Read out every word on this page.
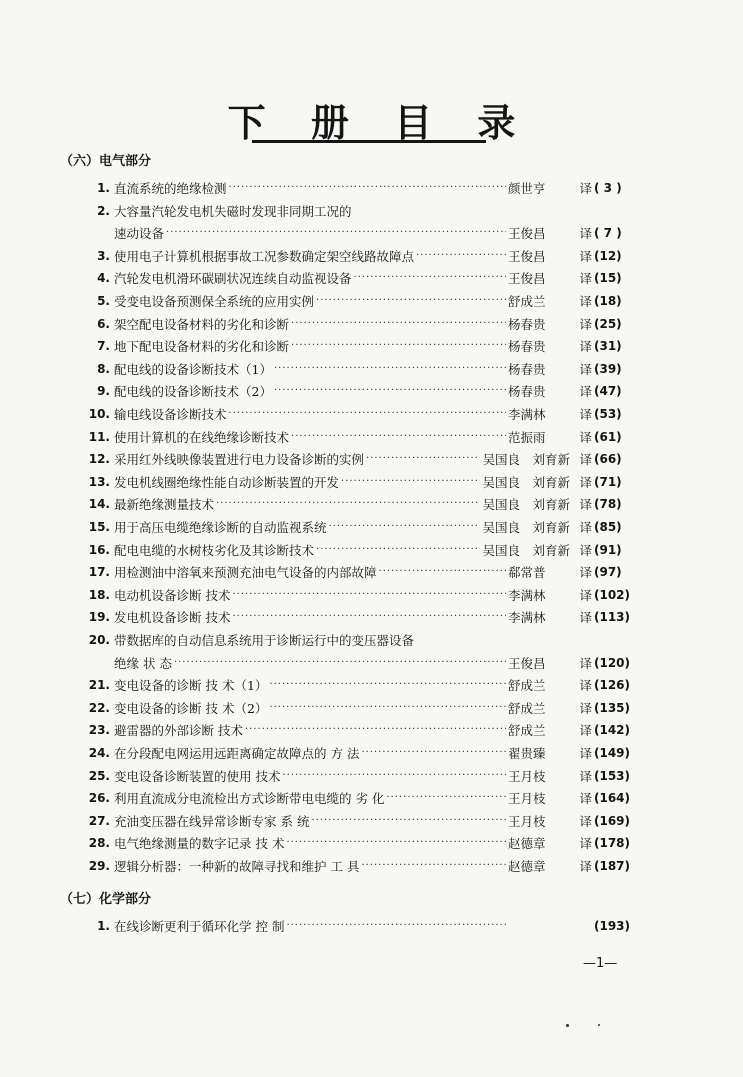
下 册 目 录
（六）电气部分
1. 直流系统的绝缘检测 ·····	颜世亨	译 ( 3 )
2. 大容量汽轮发电机失磁时发现非同期工况的
速动设备 ·····	王俊昌	译 ( 7 )
3. 使用电子计算机根据事故工况参数确定架空线路故障点 ·····	王俊昌	译 (12)
4. 汽轮发电机滑环碳刷状况连续自动监视设备 ·····	王俊昌	译 (15)
5. 受变电设备预测保全系统的应用实例 ·····	舒成兰	译 (18)
6. 架空配电设备材料的劣化和诊断 ·····	杨春贵	译 (25)
7. 地下配电设备材料的劣化和诊断 ·····	杨春贵	译 (31)
8. 配电线的设备诊断技术（1） ·····	杨春贵	译 (39)
9. 配电线的设备诊断技术（2） ·····	杨春贵	译 (47)
10. 输电线设备诊断技术 ·····	李满林	译 (53)
11. 使用计算机的在线绝缘诊断技术 ·····	范振雨	译 (61)
12. 采用红外线映像装置进行电力设备诊断的实例 ·····	吴国良　刘育新 译 (66)
13. 发电机线圈绝缘性能自动诊断装置的开发 ·····	吴国良　刘育新 译 (71)
14. 最新绝缘测量技术 ·····	吴国良　刘育新 译 (78)
15. 用于高压电缆绝缘诊断的自动监视系统 ·····	吴国良　刘育新 译 (85)
16. 配电电缆的水树枝劣化及其诊断技术 ·····	吴国良　刘育新 译 (91)
17. 用检测油中溶氧来预测充油电气设备的内部故障 ·····	郗常普	译 (97)
18. 电动机设备诊断 技术 ·····	李满林	译 (102)
19. 发电机设备诊断 技术 ·····	李满林	译 (113)
20. 带数据库的自动信息系统用于诊断运行中的变压器设备
绝缘 状 态 ·····	王俊昌	译 (120)
21. 变电设备的诊断 技 术（1） ·····	舒成兰	译 (126)
22. 变电设备的诊断 技 术（2） ·····	舒成兰	译 (135)
23. 避雷器的外部诊断 技术 ·····	舒成兰	译 (142)
24. 在分段配电网运用远距离确定故障点的 方 法 ·····	翟贵臻	译 (149)
25. 变电设备诊断装置的使用 技术 ·····	王月枝	译 (153)
26. 利用直流成分电流检出方式诊断带电电缆的 劣 化 ·····	王月枝	译 (164)
27. 充油变压器在线异常诊断专家 系 统 ·····	王月枝	译 (169)
28. 电气绝缘测量的数字记录 技 术 ·····	赵德章	译 (178)
29. 逻辑分析器：一种新的故障寻找和维护 工 具 ·····	赵德章	译 (187)
（七）化学部分
1. 在线诊断更利于循环化学 控 制 ·····	(193)
—1—
